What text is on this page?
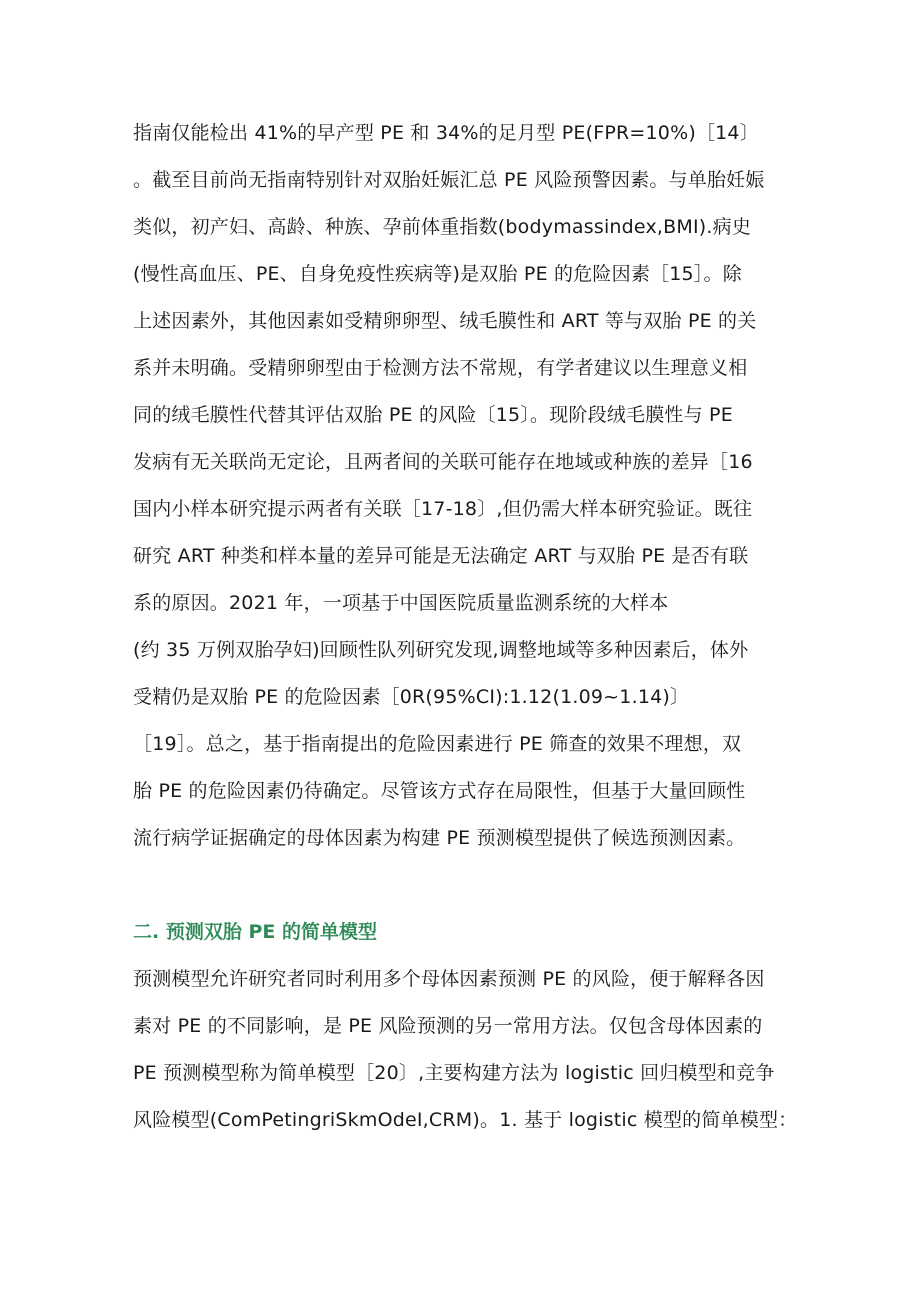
指南仅能检出 41%的早产型 PE 和 34%的足月型 PE(FPR=10%)［14〕
。截至目前尚无指南特别针对双胎妊娠汇总 PE 风险预警因素。与单胎妊娠
类似，初产妇、高龄、种族、孕前体重指数(bodymassindex,BMI).病史
(慢性高血压、PE、自身免疫性疾病等)是双胎 PE 的危险因素［15］。除
上述因素外，其他因素如受精卵卵型、绒毛膜性和 ART 等与双胎 PE 的关
系并未明确。受精卵卵型由于检测方法不常规，有学者建议以生理意义相
同的绒毛膜性代替其评估双胎 PE 的风险〔15〕。现阶段绒毛膜性与 PE
发病有无关联尚无定论，且两者间的关联可能存在地域或种族的差异［16
国内小样本研究提示两者有关联［17-18〕,但仍需大样本研究验证。既往
研究 ART 种类和样本量的差异可能是无法确定 ART 与双胎 PE 是否有联
系的原因。2021 年，一项基于中国医院质量监测系统的大样本
(约 35 万例双胎孕妇)回顾性队列研究发现,调整地域等多种因素后，体外
受精仍是双胎 PE 的危险因素［0R(95%CI):1.12(1.09~1.14)〕
［19］。总之，基于指南提出的危险因素进行 PE 筛查的效果不理想，双
胎 PE 的危险因素仍待确定。尽管该方式存在局限性，但基于大量回顾性
流行病学证据确定的母体因素为构建 PE 预测模型提供了候选预测因素。
二. 预测双胎 PE 的简单模型
预测模型允许研究者同时利用多个母体因素预测 PE 的风险，便于解释各因
素对 PE 的不同影响，是 PE 风险预测的另一常用方法。仅包含母体因素的
PE 预测模型称为简单模型［20〕,主要构建方法为 logistic 回归模型和竞争
风险模型(ComPetingriSkmOdeI,CRM)。1. 基于 logistic 模型的简单模型：
